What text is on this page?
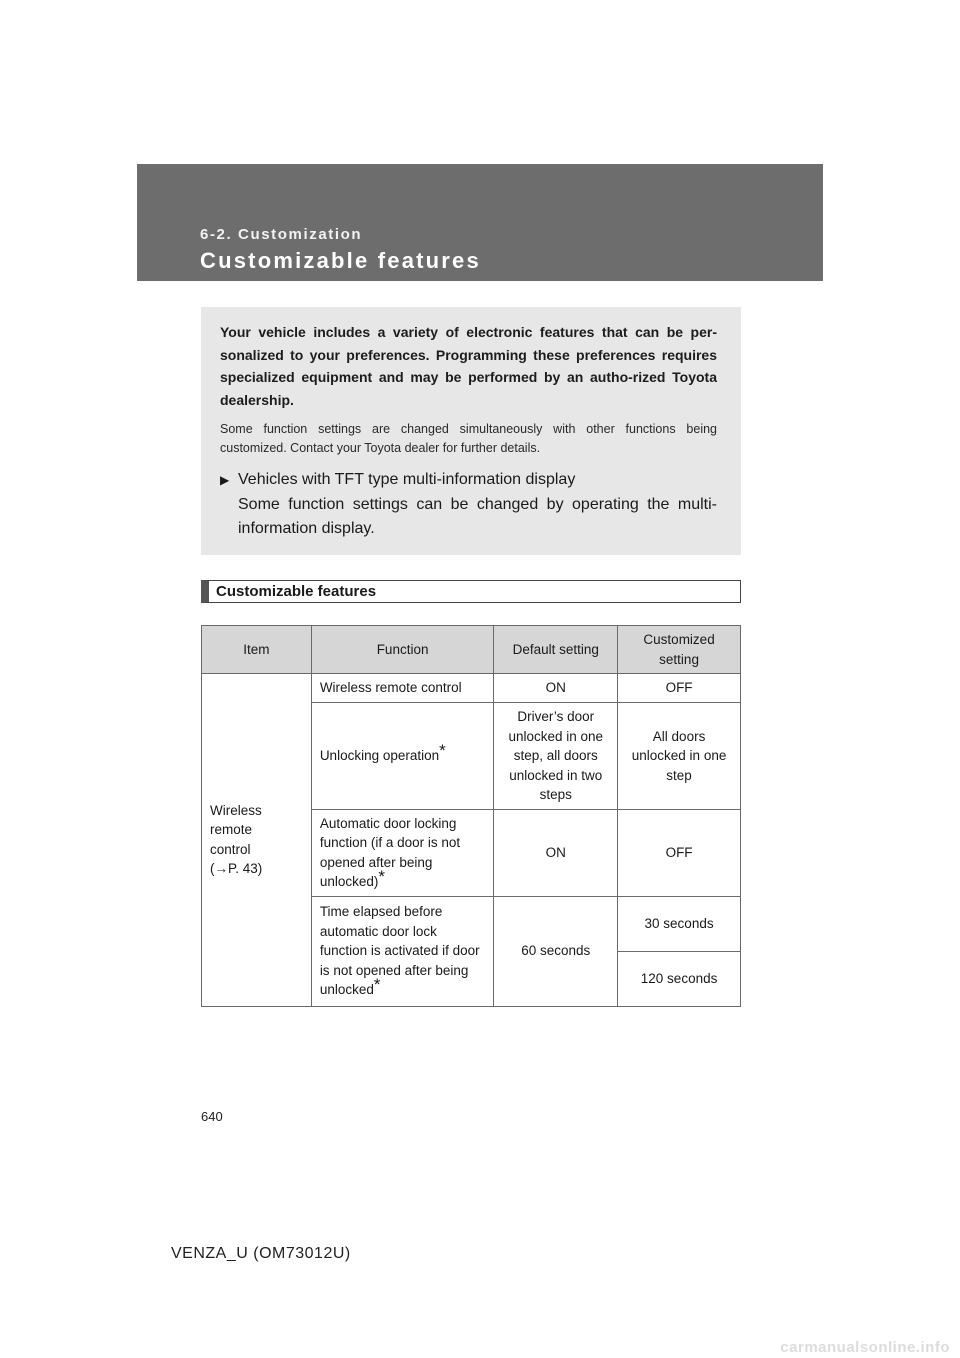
6-2. Customization
Customizable features

Your vehicle includes a variety of electronic features that can be per-sonalized to your preferences. Programming these preferences requires specialized equipment and may be performed by an autho-rized Toyota dealership.

Some function settings are changed simultaneously with other functions being customized. Contact your Toyota dealer for further details.

▶ Vehicles with TFT type multi-information display
Some function settings can be changed by operating the multi-information display.
Customizable features
Item	Function	Default setting	Customized setting

Wireless
remote
control
(→P. 43)	Wireless remote control	ON	OFF
	Unlocking operation*	Driver’s door unlocked in one step, all doors unlocked in two steps	All doors unlocked in one step
	Automatic door locking function (if a door is not opened after being unlocked)*	ON	OFF
	Time elapsed before automatic door lock function is activated if door is not opened after being unlocked*	60 seconds	30 seconds
			120 seconds
640
VENZA_U (OM73012U)
carmanualsonline.info
